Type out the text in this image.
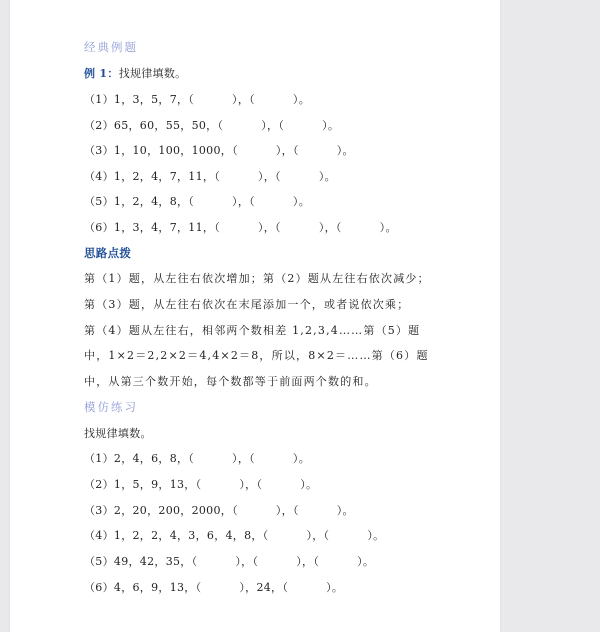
经典例题
例 1：找规律填数。
（1）1，3，5，7，（          ），（          ）。
（2）65，60，55，50，（          ），（          ）。
（3）1，10，100，1000，（          ），（          ）。
（4）1，2，4，7，11，（          ），（          ）。
（5）1，2，4，8，（          ），（          ）。
（6）1，3，4，7，11，（          ），（          ），（          ）。
思路点拨
第（1）题，从左往右依次增加；第（2）题从左往右依次减少；
第（3）题，从左往右依次在末尾添加一个，或者说依次乘；
第（4）题从左往右，相邻两个数相差 1,2,3,4……第（5）题
中，1×2＝2,2×2＝4,4×2＝8，所以，8×2＝……第（6）题
中，从第三个数开始，每个数都等于前面两个数的和。
模仿练习
找规律填数。
（1）2，4，6，8，（          ），（          ）。
（2）1，5，9，13，（          ），（          ）。
（3）2，20，200，2000，（          ），（          ）。
（4）1，2，2，4，3，6，4，8，（          ），（          ）。
（5）49，42，35，（          ），（          ），（          ）。
（6）4，6，9，13，（          ），24，（          ）。
